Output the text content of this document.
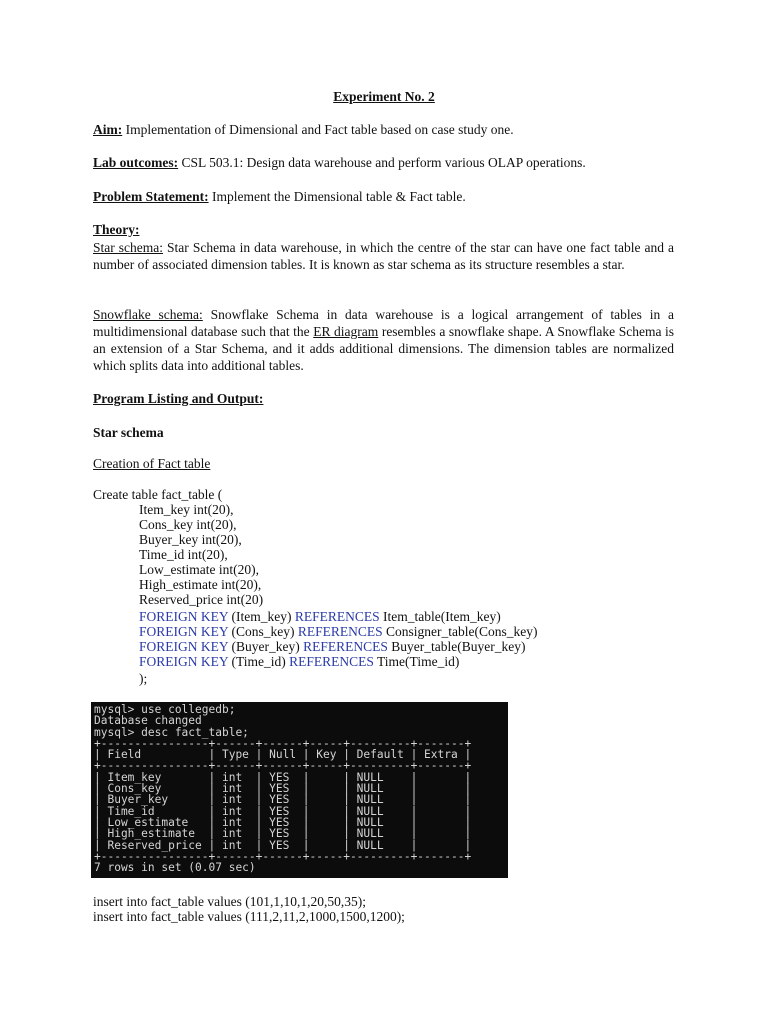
Experiment No. 2
Aim: Implementation of Dimensional and Fact table based on case study one.
Lab outcomes: CSL 503.1: Design data warehouse and perform various OLAP operations.
Problem Statement: Implement the Dimensional table & Fact table.
Theory:
Star schema: Star Schema in data warehouse, in which the centre of the star can have one fact table and a number of associated dimension tables. It is known as star schema as its structure resembles a star.
Snowflake schema: Snowflake Schema in data warehouse is a logical arrangement of tables in a multidimensional database such that the ER diagram resembles a snowflake shape. A Snowflake Schema is an extension of a Star Schema, and it adds additional dimensions. The dimension tables are normalized which splits data into additional tables.
Program Listing and Output:
Star schema
Creation of Fact table
Create table fact_table (
Item_key int(20),
Cons_key int(20),
Buyer_key int(20),
Time_id int(20),
Low_estimate int(20),
High_estimate int(20),
Reserved_price int(20)
FOREIGN KEY (Item_key) REFERENCES Item_table(Item_key)
FOREIGN KEY (Cons_key) REFERENCES Consigner_table(Cons_key)
FOREIGN KEY (Buyer_key) REFERENCES Buyer_table(Buyer_key)
FOREIGN KEY (Time_id) REFERENCES Time(Time_id)
);
mysql> use collegedb;
Database changed
mysql> desc fact_table;
+----------------+------+------+-----+---------+-------+
| Field          | Type | Null | Key | Default | Extra |
+----------------+------+------+-----+---------+-------+
| Item_key       | int  | YES  |     | NULL    |       |
| Cons_key       | int  | YES  |     | NULL    |       |
| Buyer_key      | int  | YES  |     | NULL    |       |
| Time_id        | int  | YES  |     | NULL    |       |
| Low_estimate   | int  | YES  |     | NULL    |       |
| High_estimate  | int  | YES  |     | NULL    |       |
| Reserved_price | int  | YES  |     | NULL    |       |
+----------------+------+------+-----+---------+-------+
7 rows in set (0.07 sec)
insert into fact_table values (101,1,10,1,20,50,35);
insert into fact_table values (111,2,11,2,1000,1500,1200);
